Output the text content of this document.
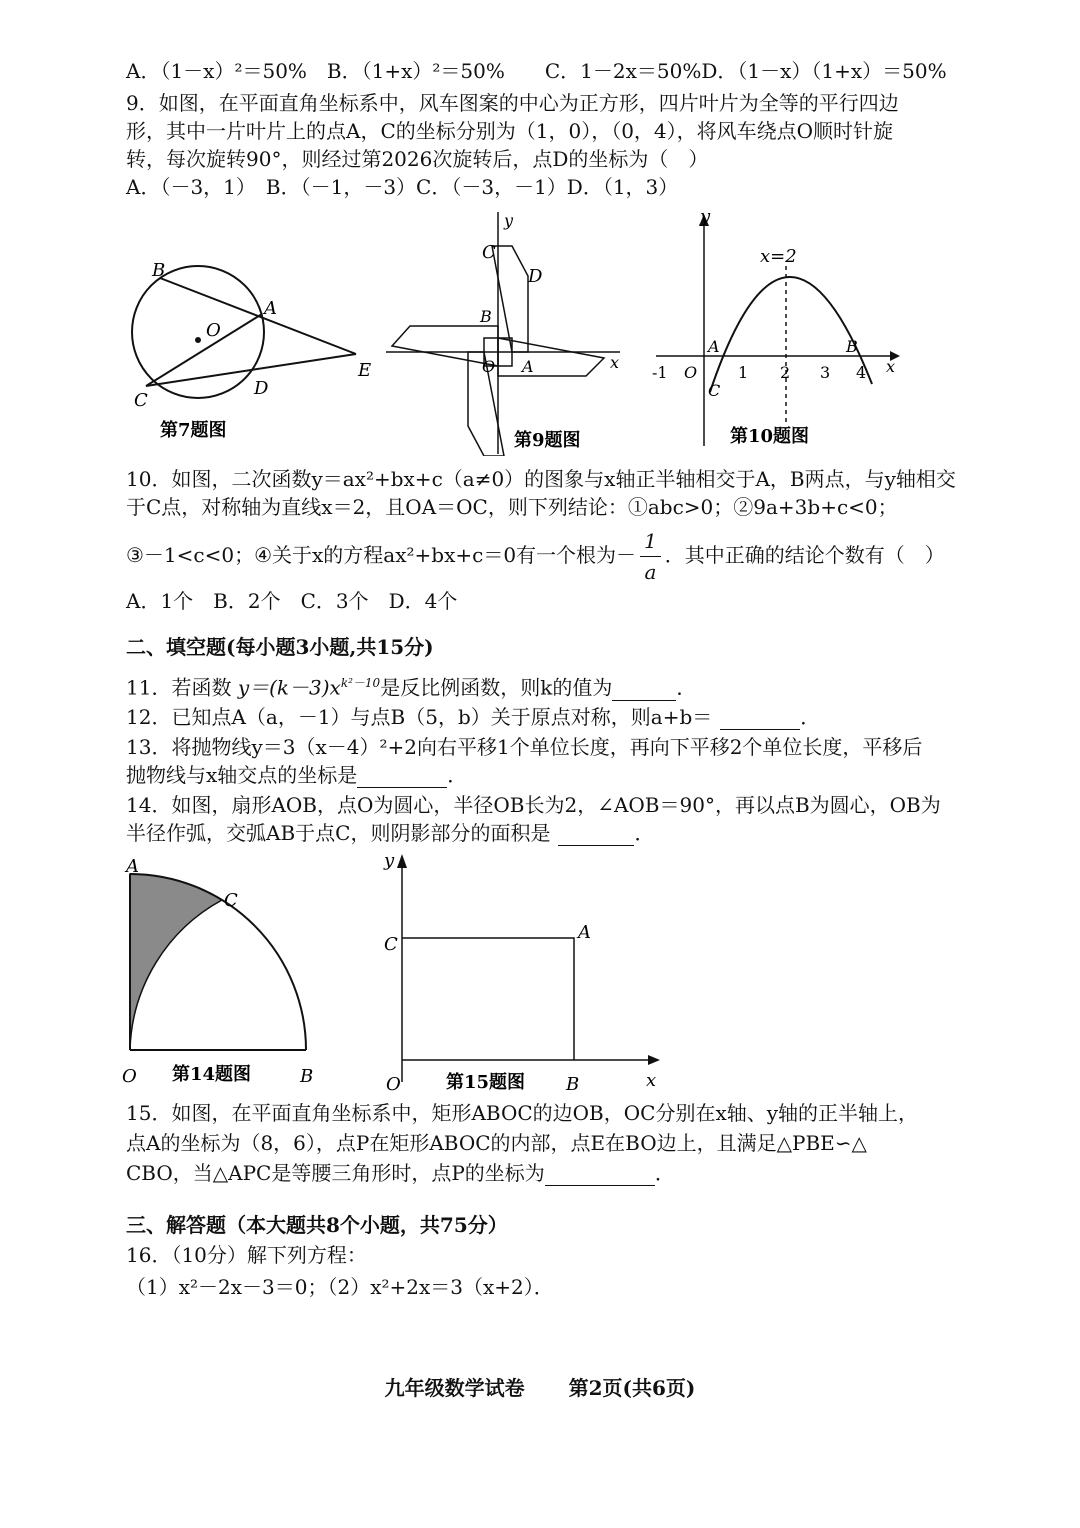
A．（1－x）²＝50%　B．（1+x）²＝50%　　C．1－2x＝50%D．（1－x）（1+x）＝50%
9．如图，在平面直角坐标系中，风车图案的中心为正方形，四片叶片为全等的平行四边
形，其中一片叶片上的点A，C的坐标分别为（1，0），（0，4），将风车绕点O顺时针旋
转，每次旋转90°，则经过第2026次旋转后，点D的坐标为（　）
A．（－3，1）　B．（－1，－3）C．（－3，－1）D．（1，3）
B
O
A
C
D
E
第7题图
y
C
D
B
O A	x
第9题图
y
x=2
A	B
-1 O	1 2 3 4 x
C
第10题图
10．如图，二次函数y＝ax²+bx+c（a≠0）的图象与x轴正半轴相交于A，B两点，与y轴相交
于C点，对称轴为直线x＝2，且OA＝OC，则下列结论：①abc>0；②9a+3b+c<0；
③－1<c<0；④关于x的方程ax²+bx+c＝0有一个根为－ $\frac{1}{a}$ ．其中正确的结论个数有（　）
A．1个　B．2个　C．3个　D．4个
二、填空题(每小题3小题,共15分)
11．若函数 $y=(k-3)x^{k^2-10}$是反比例函数，则k的值为	．
12．已知点A（a，－1）与点B（5，b）关于原点对称，则a+b＝	．
13．将抛物线y＝3（x－4）²+2向右平移1个单位长度，再向下平移2个单位长度，平移后
抛物线与x轴交点的坐标是	．
14．如图，扇形AOB，点O为圆心，半径OB长为2，∠AOB＝90°，再以点B为圆心，OB为
半径作弧，交弧AB于点C，则阴影部分的面积是	．
A
C
O	B
第14题图
y
C
A
O	B	x
第15题图
15．如图，在平面直角坐标系中，矩形ABOC的边OB，OC分别在x轴、y轴的正半轴上，
点A的坐标为（8，6），点P在矩形ABOC的内部，点E在BO边上，且满足△PBE∽△
CBO，当△APC是等腰三角形时，点P的坐标为	．
三、解答题（本大题共8个小题，共75分）
16．（10分）解下列方程：
（1）x²－2x－3＝0；（2）x²+2x＝3（x+2）．
九年级数学试卷 第2页(共6页)
